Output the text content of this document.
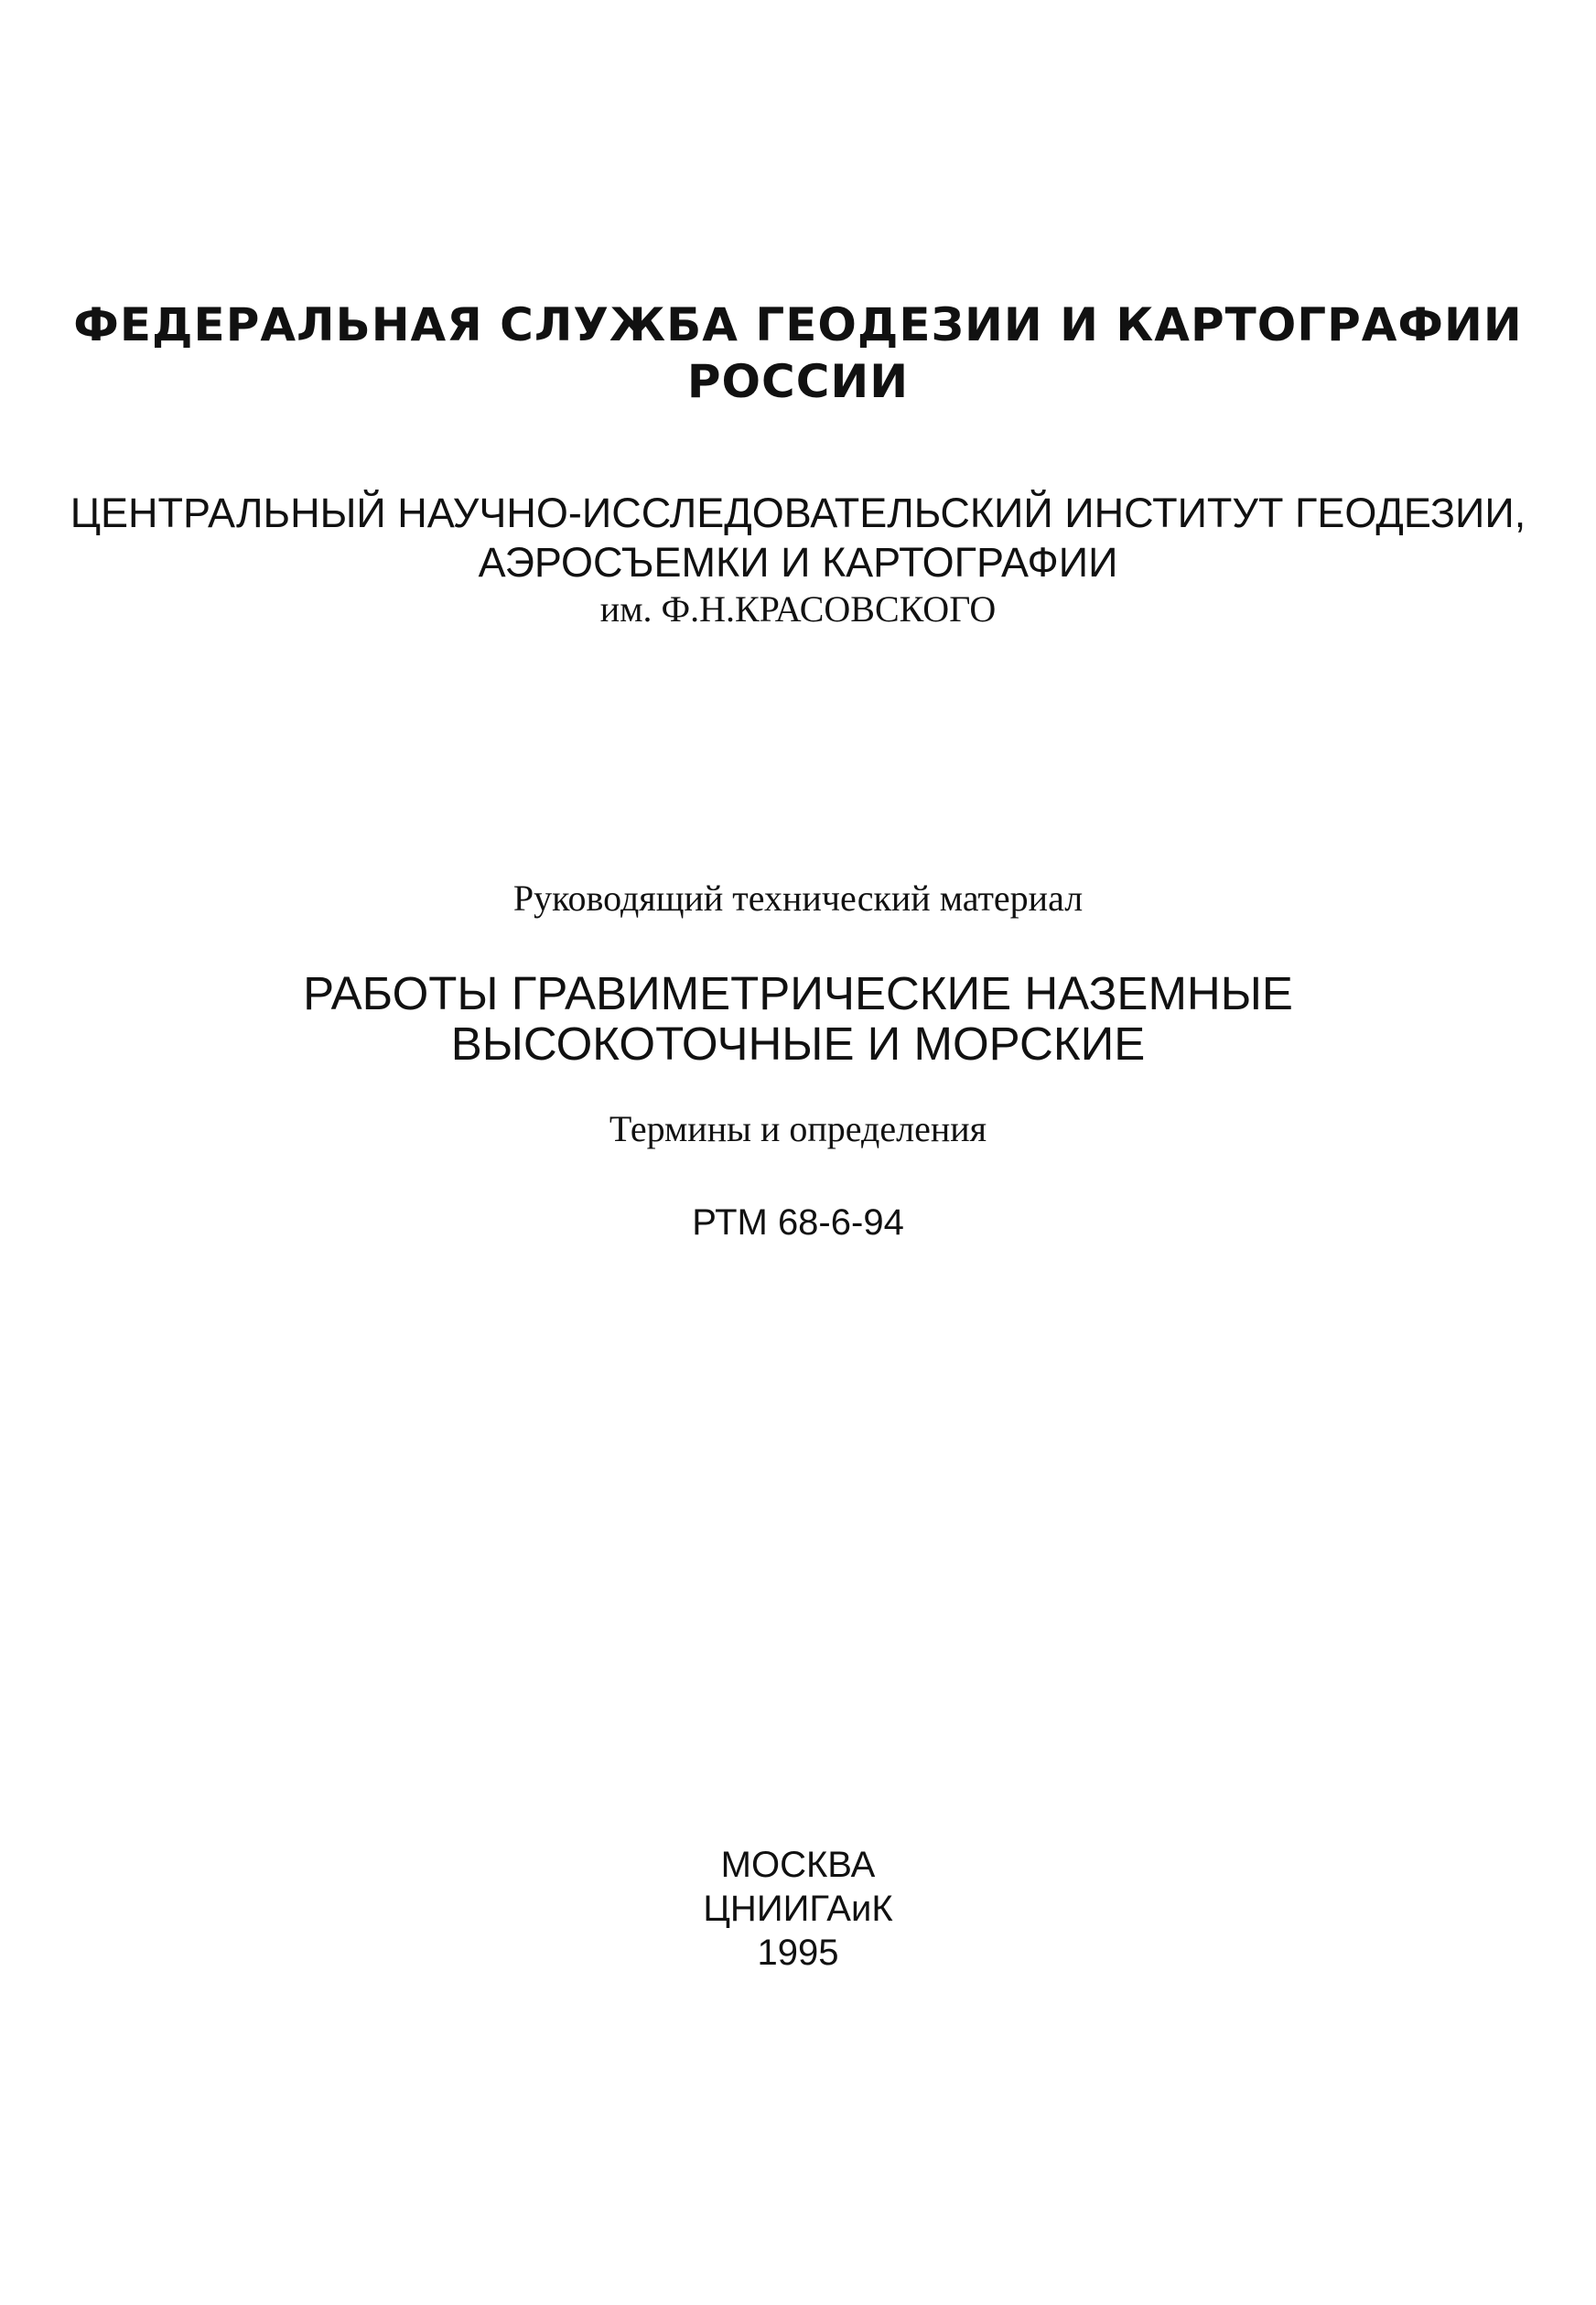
ФЕДЕРАЛЬНАЯ СЛУЖБА ГЕОДЕЗИИ И КАРТОГРАФИИ
РОССИИ
ЦЕНТРАЛЬНЫЙ НАУЧНО-ИССЛЕДОВАТЕЛЬСКИЙ ИНСТИТУТ ГЕОДЕЗИИ,
АЭРОСЪЕМКИ И КАРТОГРАФИИ
им. Ф.Н.КРАСОВСКОГО
Руководящий технический материал
РАБОТЫ ГРАВИМЕТРИЧЕСКИЕ НАЗЕМНЫЕ
ВЫСОКОТОЧНЫЕ И МОРСКИЕ
Термины и определения
РТМ 68-6-94
МОСКВА
ЦНИИГАиК
1995
